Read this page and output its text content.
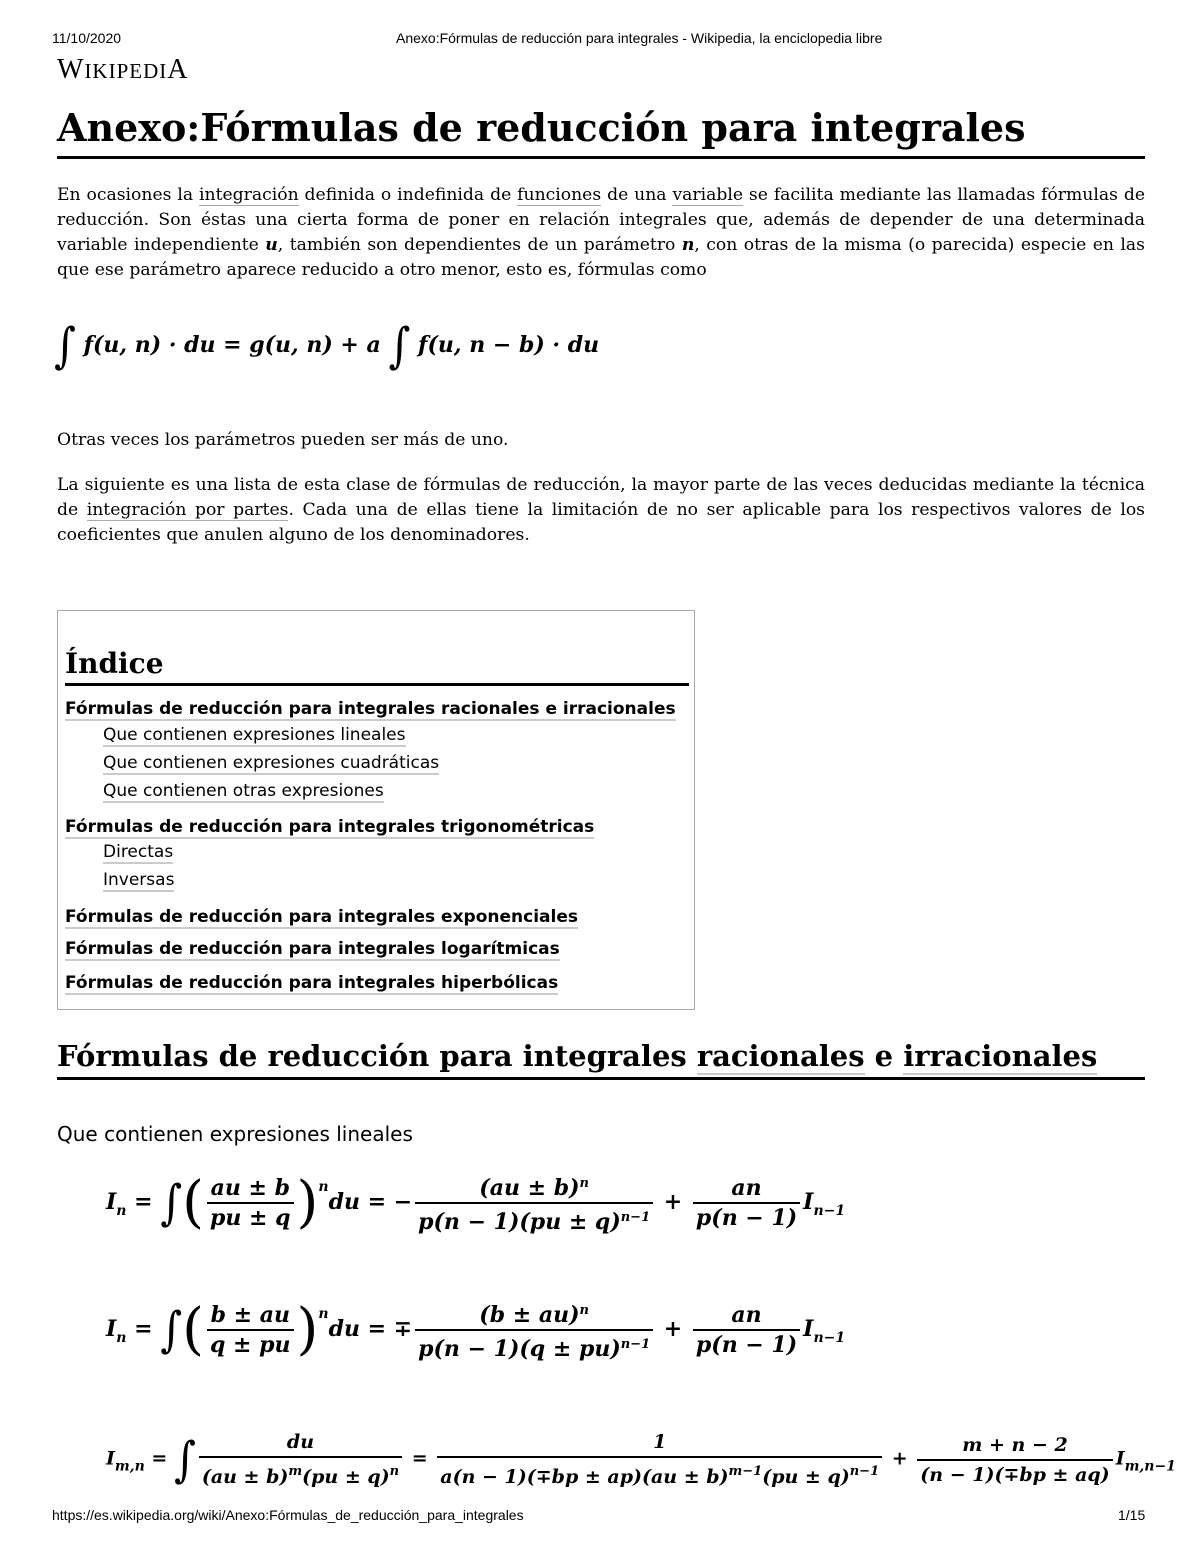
11/10/2020	Anexo:Fórmulas de reducción para integrales - Wikipedia, la enciclopedia libre
WIKIPEDIA
Anexo:Fórmulas de reducción para integrales

En ocasiones la integración definida o indefinida de funciones de una variable se facilita mediante las llamadas fórmulas de reducción. Son éstas una cierta forma de poner en relación integrales que, además de depender de una determinada variable independiente u, también son dependientes de un parámetro n, con otras de la misma (o parecida) especie en las que ese parámetro aparece reducido a otro menor, esto es, fórmulas como

∫ f(u, n) · du = g(u, n) + a ∫ f(u, n − b) · du

Otras veces los parámetros pueden ser más de uno.

La siguiente es una lista de esta clase de fórmulas de reducción, la mayor parte de las veces deducidas mediante la técnica de integración por partes. Cada una de ellas tiene la limitación de no ser aplicable para los respectivos valores de los coeficientes que anulen alguno de los denominadores.

Índice
Fórmulas de reducción para integrales racionales e irracionales
Que contienen expresiones lineales
Que contienen expresiones cuadráticas
Que contienen otras expresiones
Fórmulas de reducción para integrales trigonométricas
Directas
Inversas
Fórmulas de reducción para integrales exponenciales
Fórmulas de reducción para integrales logarítmicas
Fórmulas de reducción para integrales hiperbólicas
Fórmulas de reducción para integrales racionales e irracionales
Que contienen expresiones lineales
$I_n$ = ∫( $\frac{au \pm b}{pu \pm q} )^ndu$ = − $\frac{(au \pm b)^n}{p(n - 1)(pu \pm q)^{n-1}} + \frac{an}{p(n - 1)} I_{n-1}$
$I_n$ = ∫( $\frac{b \pm au}{q \pm pu} )^ndu$ = ∓ $\frac{(b \pm au)^n}{p(n - 1)(q \pm pu)^{n-1}} + \frac{an}{p(n - 1)} I_{n-1}$
$I_{m,n}$ = ∫ $\frac{du}{(au \pm b)^m(pu \pm q)^n} = \frac{1}{a(n - 1)(\mp bp \pm ap)(au \pm b)^{m-1}(pu \pm q)^{n-1}} + \frac{m + n - 2}{(n - 1)(\mp bp \pm aq)} I_{m,n-1}$
https://es.wikipedia.org/wiki/Anexo:Fórmulas_de_reducción_para_integrales	1/15
